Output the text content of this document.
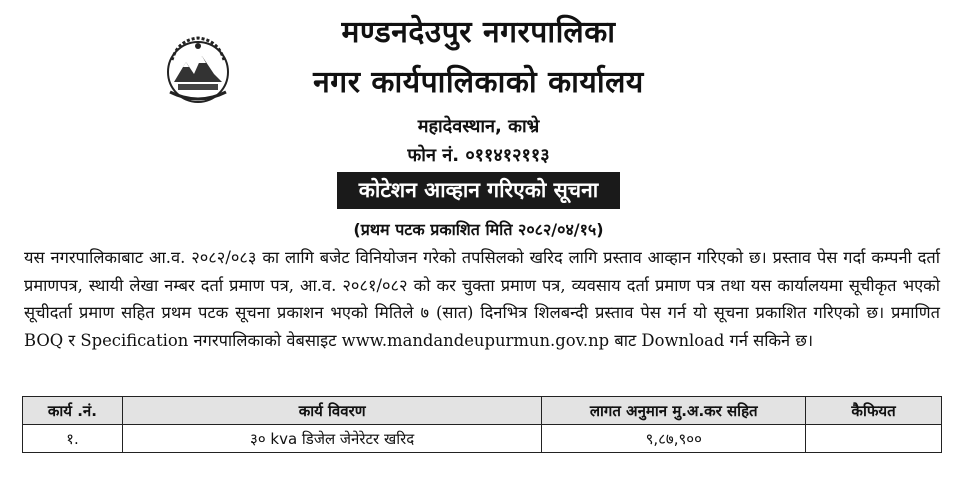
मण्डनदेउपुर नगरपालिका
नगर कार्यपालिकाको कार्यालय
महादेवस्थान, काभ्रे
फोन नं. ०११४१२११३
कोटेशन आव्हान गरिएको सूचना
(प्रथम पटक प्रकाशित मिति २०८२/०४/१५)

यस नगरपालिकाबाट आ.व. २०८२/०८३ का लागि बजेट विनियोजन गरेको तपसिलको खरिद लागि प्रस्ताव आव्हान गरिएको छ। प्रस्ताव पेस गर्दा कम्पनी दर्ता प्रमाणपत्र, स्थायी लेखा नम्बर दर्ता प्रमाण पत्र, आ.व. २०८१/०८२ को कर चुक्ता प्रमाण पत्र, व्यवसाय दर्ता प्रमाण पत्र तथा यस कार्यालयमा सूचीकृत भएको सूचीदर्ता प्रमाण सहित प्रथम पटक सूचना प्रकाशन भएको मितिले ७ (सात) दिनभित्र शिलबन्दी प्रस्ताव पेस गर्न यो सूचना प्रकाशित गरिएको छ। प्रमाणित BOQ र Specification नगरपालिकाको वेबसाइट www.mandandeupurmun.gov.np बाट Download गर्न सकिने छ।

कार्य .नं.	कार्य विवरण	लागत अनुमान मु.अ.कर सहित	कैफियत
१.	३० kva डिजेल जेनेरेटर खरिद	९,८७,९००	
